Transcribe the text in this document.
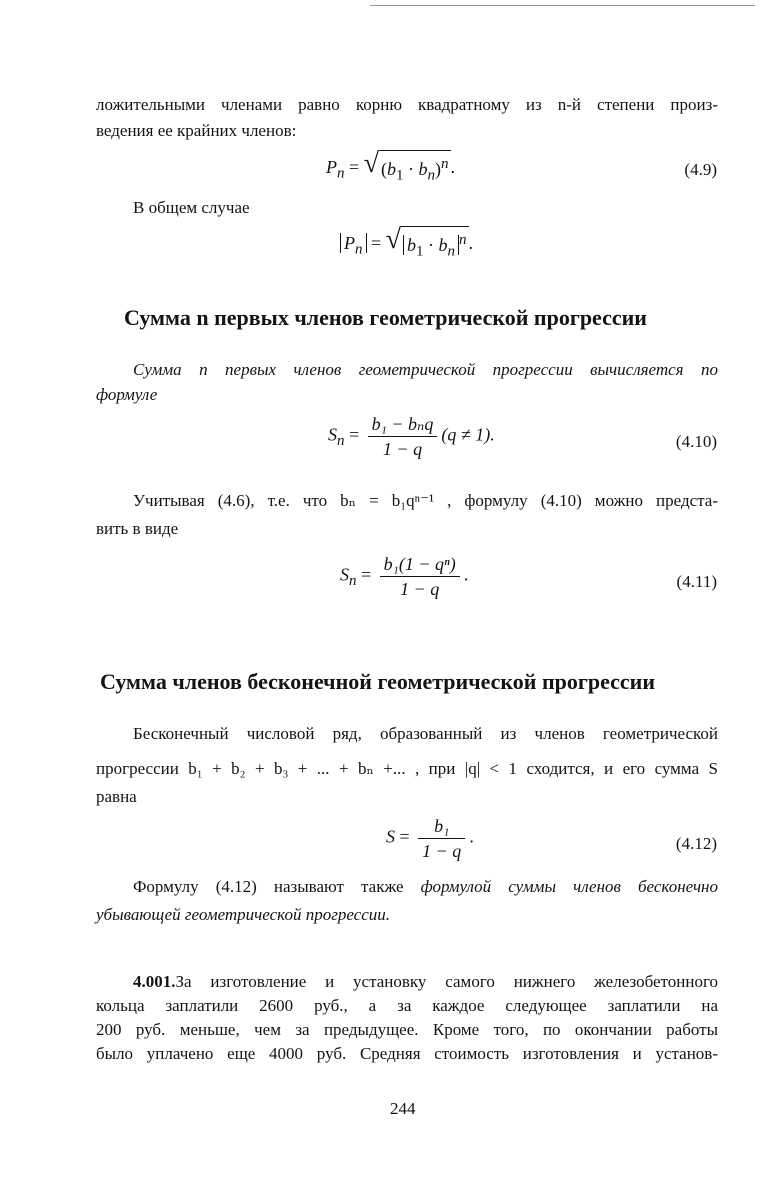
ложительными членами равно корню квадратному из n-й степени произ-
ведения ее крайних членов:
$P_n$ = √ $(b_1 \cdot b_n)^n$ .	(4.9)
В общем случае
$P_n$ = √ $b_1 \cdot b_n^n$ .
Сумма n первых членов геометрической прогрессии
Сумма n первых членов геометрической прогрессии вычисляется по
формуле
$S_n = \frac{\text{b₁ − bₙq}}{1 - q} (q \ne 1)$.	(4.10)
Учитывая (4.6), т.е. что bₙ = b₁qⁿ⁻¹ , формулу (4.10) можно предста-
вить в виде
$S_n = \frac{\text{b₁(1 − qⁿ)}}{1 - q}$ .	(4.11)
Сумма членов бесконечной геометрической прогрессии
Бесконечный числовой ряд, образованный из членов геометрической
прогрессии b₁ + b₂ + b₃ + ... + bₙ +... , при |q| < 1 сходится, и его сумма S
равна
$S = \frac{\text{b₁}}{1 - q}$ .	(4.12)
Формулу (4.12) называют также формулой суммы членов бесконечно
убывающей геометрической прогрессии.
4.001.За изготовление и установку самого нижнего железобетонного
кольца заплатили 2600 руб., а за каждое следующее заплатили на
200 руб. меньше, чем за предыдущее. Кроме того, по окончании работы
было уплачено еще 4000 руб. Средняя стоимость изготовления и установ-
244
